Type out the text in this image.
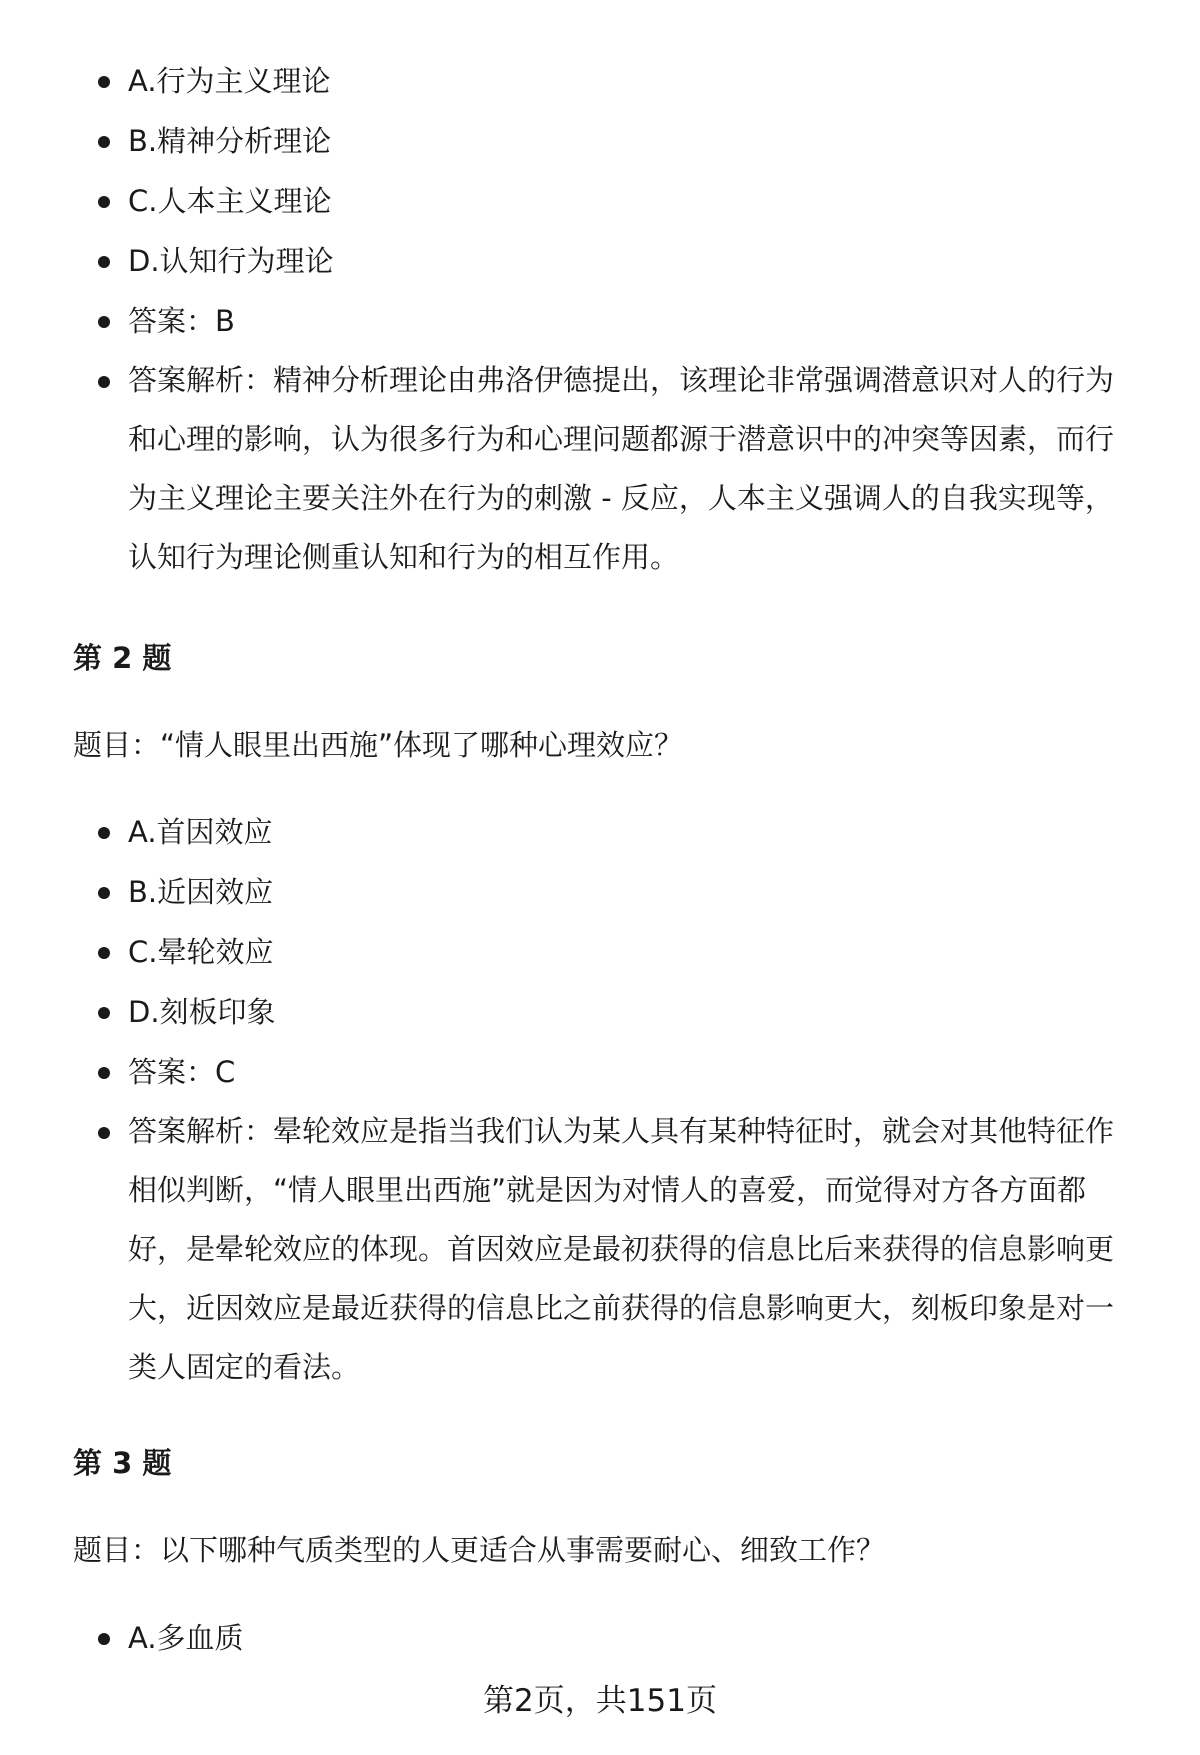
A.行为主义理论
B.精神分析理论
C.人本主义理论
D.认知行为理论
答案：B
答案解析：精神分析理论由弗洛伊德提出，该理论非常强调潜意识对人的行为和心理的影响，认为很多行为和心理问题都源于潜意识中的冲突等因素，而行为主义理论主要关注外在行为的刺激 - 反应，人本主义强调人的自我实现等，认知行为理论侧重认知和行为的相互作用。
第 2 题

题目：“情人眼里出西施”体现了哪种心理效应？

A.首因效应
B.近因效应
C.晕轮效应
D.刻板印象
答案：C
答案解析：晕轮效应是指当我们认为某人具有某种特征时，就会对其他特征作相似判断，“情人眼里出西施”就是因为对情人的喜爱，而觉得对方各方面都好，是晕轮效应的体现。首因效应是最初获得的信息比后来获得的信息影响更大，近因效应是最近获得的信息比之前获得的信息影响更大，刻板印象是对一类人固定的看法。
第 3 题

题目：以下哪种气质类型的人更适合从事需要耐心、细致工作？

A.多血质
第2页，共151页
